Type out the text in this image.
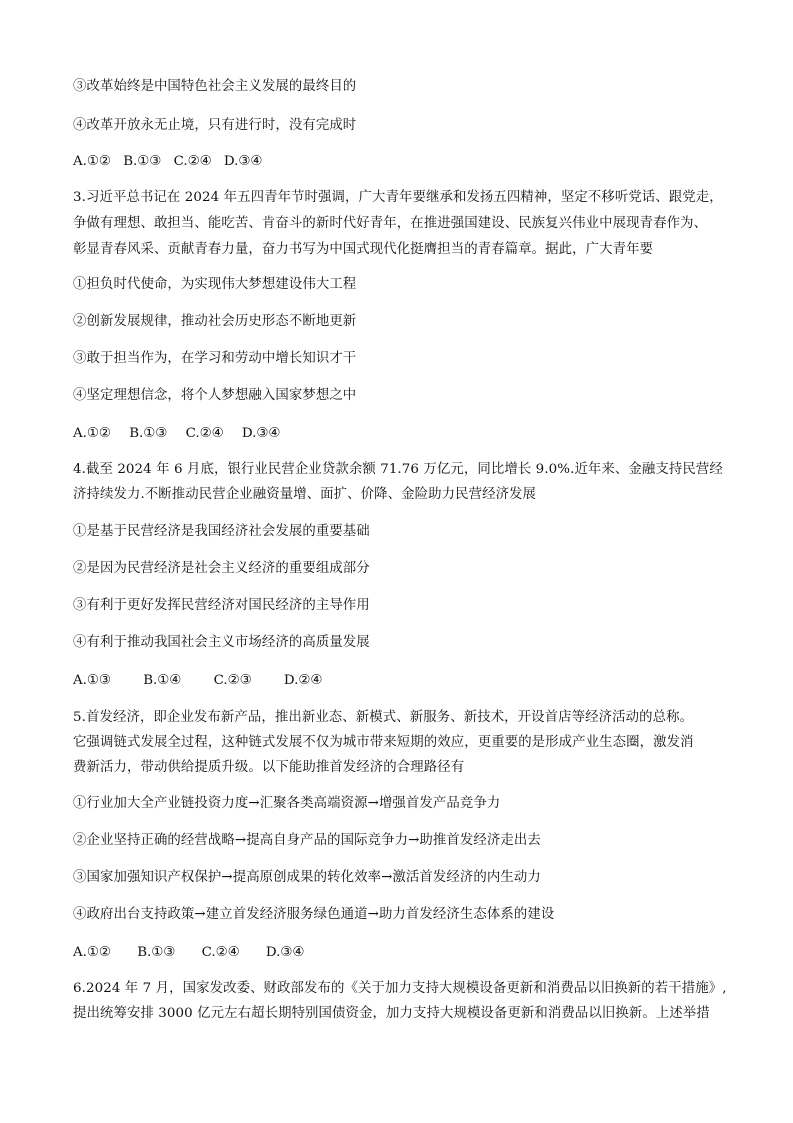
③改革始终是中国特色社会主义发展的最终目的
④改革开放永无止境，只有进行时，没有完成时
A.①② B.①③ C.②④ D.③④
3.习近平总书记在 2024 年五四青年节时强调，广大青年要继承和发扬五四精神，坚定不移听党话、跟党走，
争做有理想、敢担当、能吃苦、肯奋斗的新时代好青年，在推进强国建设、民族复兴伟业中展现青春作为、
彰显青春风采、贡献青春力量，奋力书写为中国式现代化挺膺担当的青春篇章。据此，广大青年要
①担负时代使命，为实现伟大梦想建设伟大工程
②创新发展规律，推动社会历史形态不断地更新
③敢于担当作为，在学习和劳动中增长知识才干
④坚定理想信念，将个人梦想融入国家梦想之中
A.①② B.①③ C.②④ D.③④
4.截至 2024 年 6 月底，银行业民营企业贷款余额 71.76 万亿元，同比增长 9.0%.近年来、金融支持民营经
济持续发力.不断推动民营企业融资量增、面扩、价降、金险助力民营经济发展
①是基于民营经济是我国经济社会发展的重要基础
②是因为民营经济是社会主义经济的重要组成部分
③有利于更好发挥民营经济对国民经济的主导作用
④有利于推动我国社会主义市场经济的高质量发展
A.①③ B.①④ C.②③ D.②④
5.首发经济，即企业发布新产品，推出新业态、新模式、新服务、新技术，开设首店等经济活动的总称。
它强调链式发展全过程，这种链式发展不仅为城市带来短期的效应，更重要的是形成产业生态圈，激发消
费新活力，带动供给提质升级。以下能助推首发经济的合理路径有
①行业加大全产业链投资力度→汇聚各类高端资源→增强首发产品竞争力
②企业坚持正确的经营战略→提高自身产品的国际竞争力→助推首发经济走出去
③国家加强知识产权保护→提高原创成果的转化效率→激活首发经济的内生动力
④政府出台支持政策→建立首发经济服务绿色通道→助力首发经济生态体系的建设
A.①② B.①③ C.②④ D.③④
6.2024 年 7 月，国家发改委、财政部发布的《关于加力支持大规模设备更新和消费品以旧换新的若干措施》,
提出统筹安排 3000 亿元左右超长期特别国债资金，加力支持大规模设备更新和消费品以旧换新。上述举措
